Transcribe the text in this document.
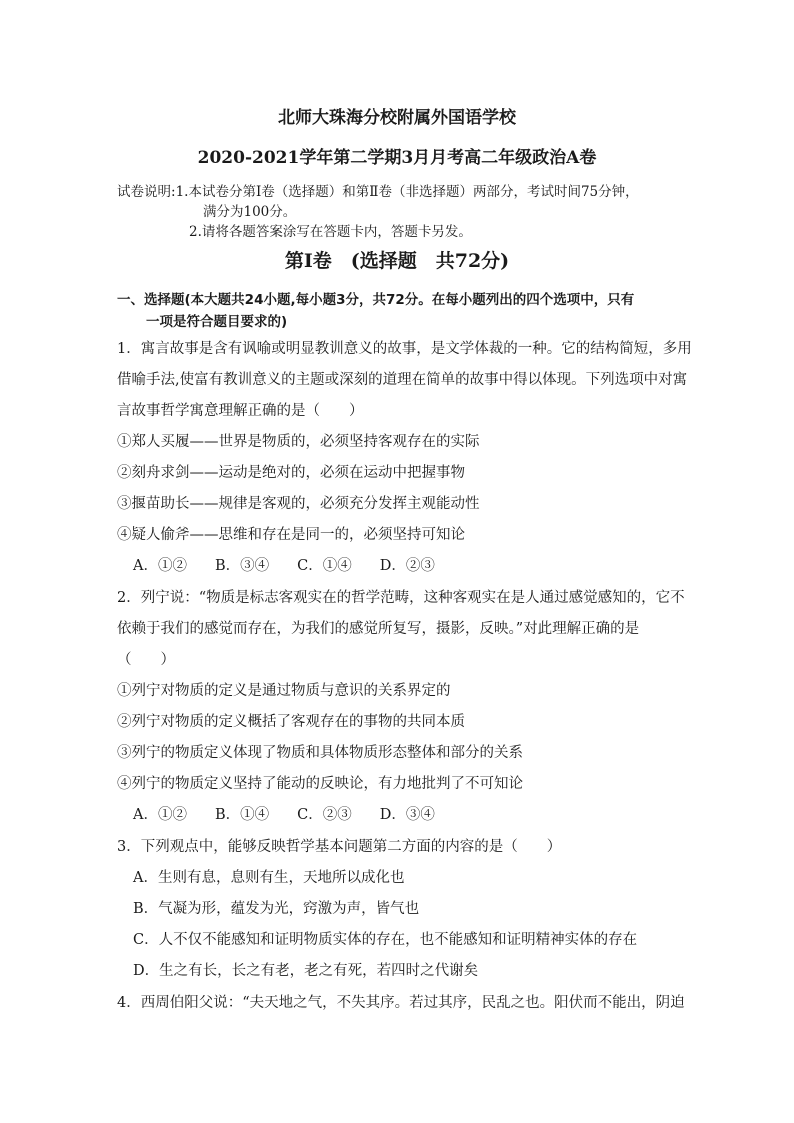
北师大珠海分校附属外国语学校
2020-2021学年第二学期3月月考高二年级政治A卷
试卷说明:1.本试卷分第Ⅰ卷（选择题）和第Ⅱ卷（非选择题）两部分，考试时间75分钟，
满分为100分。
2.请将各题答案涂写在答题卡内，答题卡另发。
第Ⅰ卷　(选择题　共72分)
一、选择题(本大题共24小题,每小题3分，共72分。在每小题列出的四个选项中，只有
一项是符合题目要求的)
1．寓言故事是含有讽喻或明显教训意义的故事，是文学体裁的一种。它的结构简短，多用
借喻手法,使富有教训意义的主题或深刻的道理在简单的故事中得以体现。下列选项中对寓
言故事哲学寓意理解正确的是（　　）
①郑人买履——世界是物质的，必须坚持客观存在的实际
②刻舟求剑——运动是绝对的，必须在运动中把握事物
③揠苗助长——规律是客观的，必须充分发挥主观能动性
④疑人偷斧——思维和存在是同一的，必须坚持可知论
A．①② B．③④ C．①④ D．②③
2．列宁说：“物质是标志客观实在的哲学范畴，这种客观实在是人通过感觉感知的，它不
依赖于我们的感觉而存在，为我们的感觉所复写，摄影，反映。”对此理解正确的是
（　　）
①列宁对物质的定义是通过物质与意识的关系界定的
②列宁对物质的定义概括了客观存在的事物的共同本质
③列宁的物质定义体现了物质和具体物质形态整体和部分的关系
④列宁的物质定义坚持了能动的反映论，有力地批判了不可知论
A．①② B．①④ C．②③ D．③④
3．下列观点中，能够反映哲学基本问题第二方面的内容的是（　　）
A．生则有息，息则有生，天地所以成化也
B．气凝为形，蕴发为光，窍激为声，皆气也
C．人不仅不能感知和证明物质实体的存在，也不能感知和证明精神实体的存在
D．生之有长，长之有老，老之有死，若四时之代谢矣
4．西周伯阳父说：“夫天地之气，不失其序。若过其序，民乱之也。阳伏而不能出，阴迫
